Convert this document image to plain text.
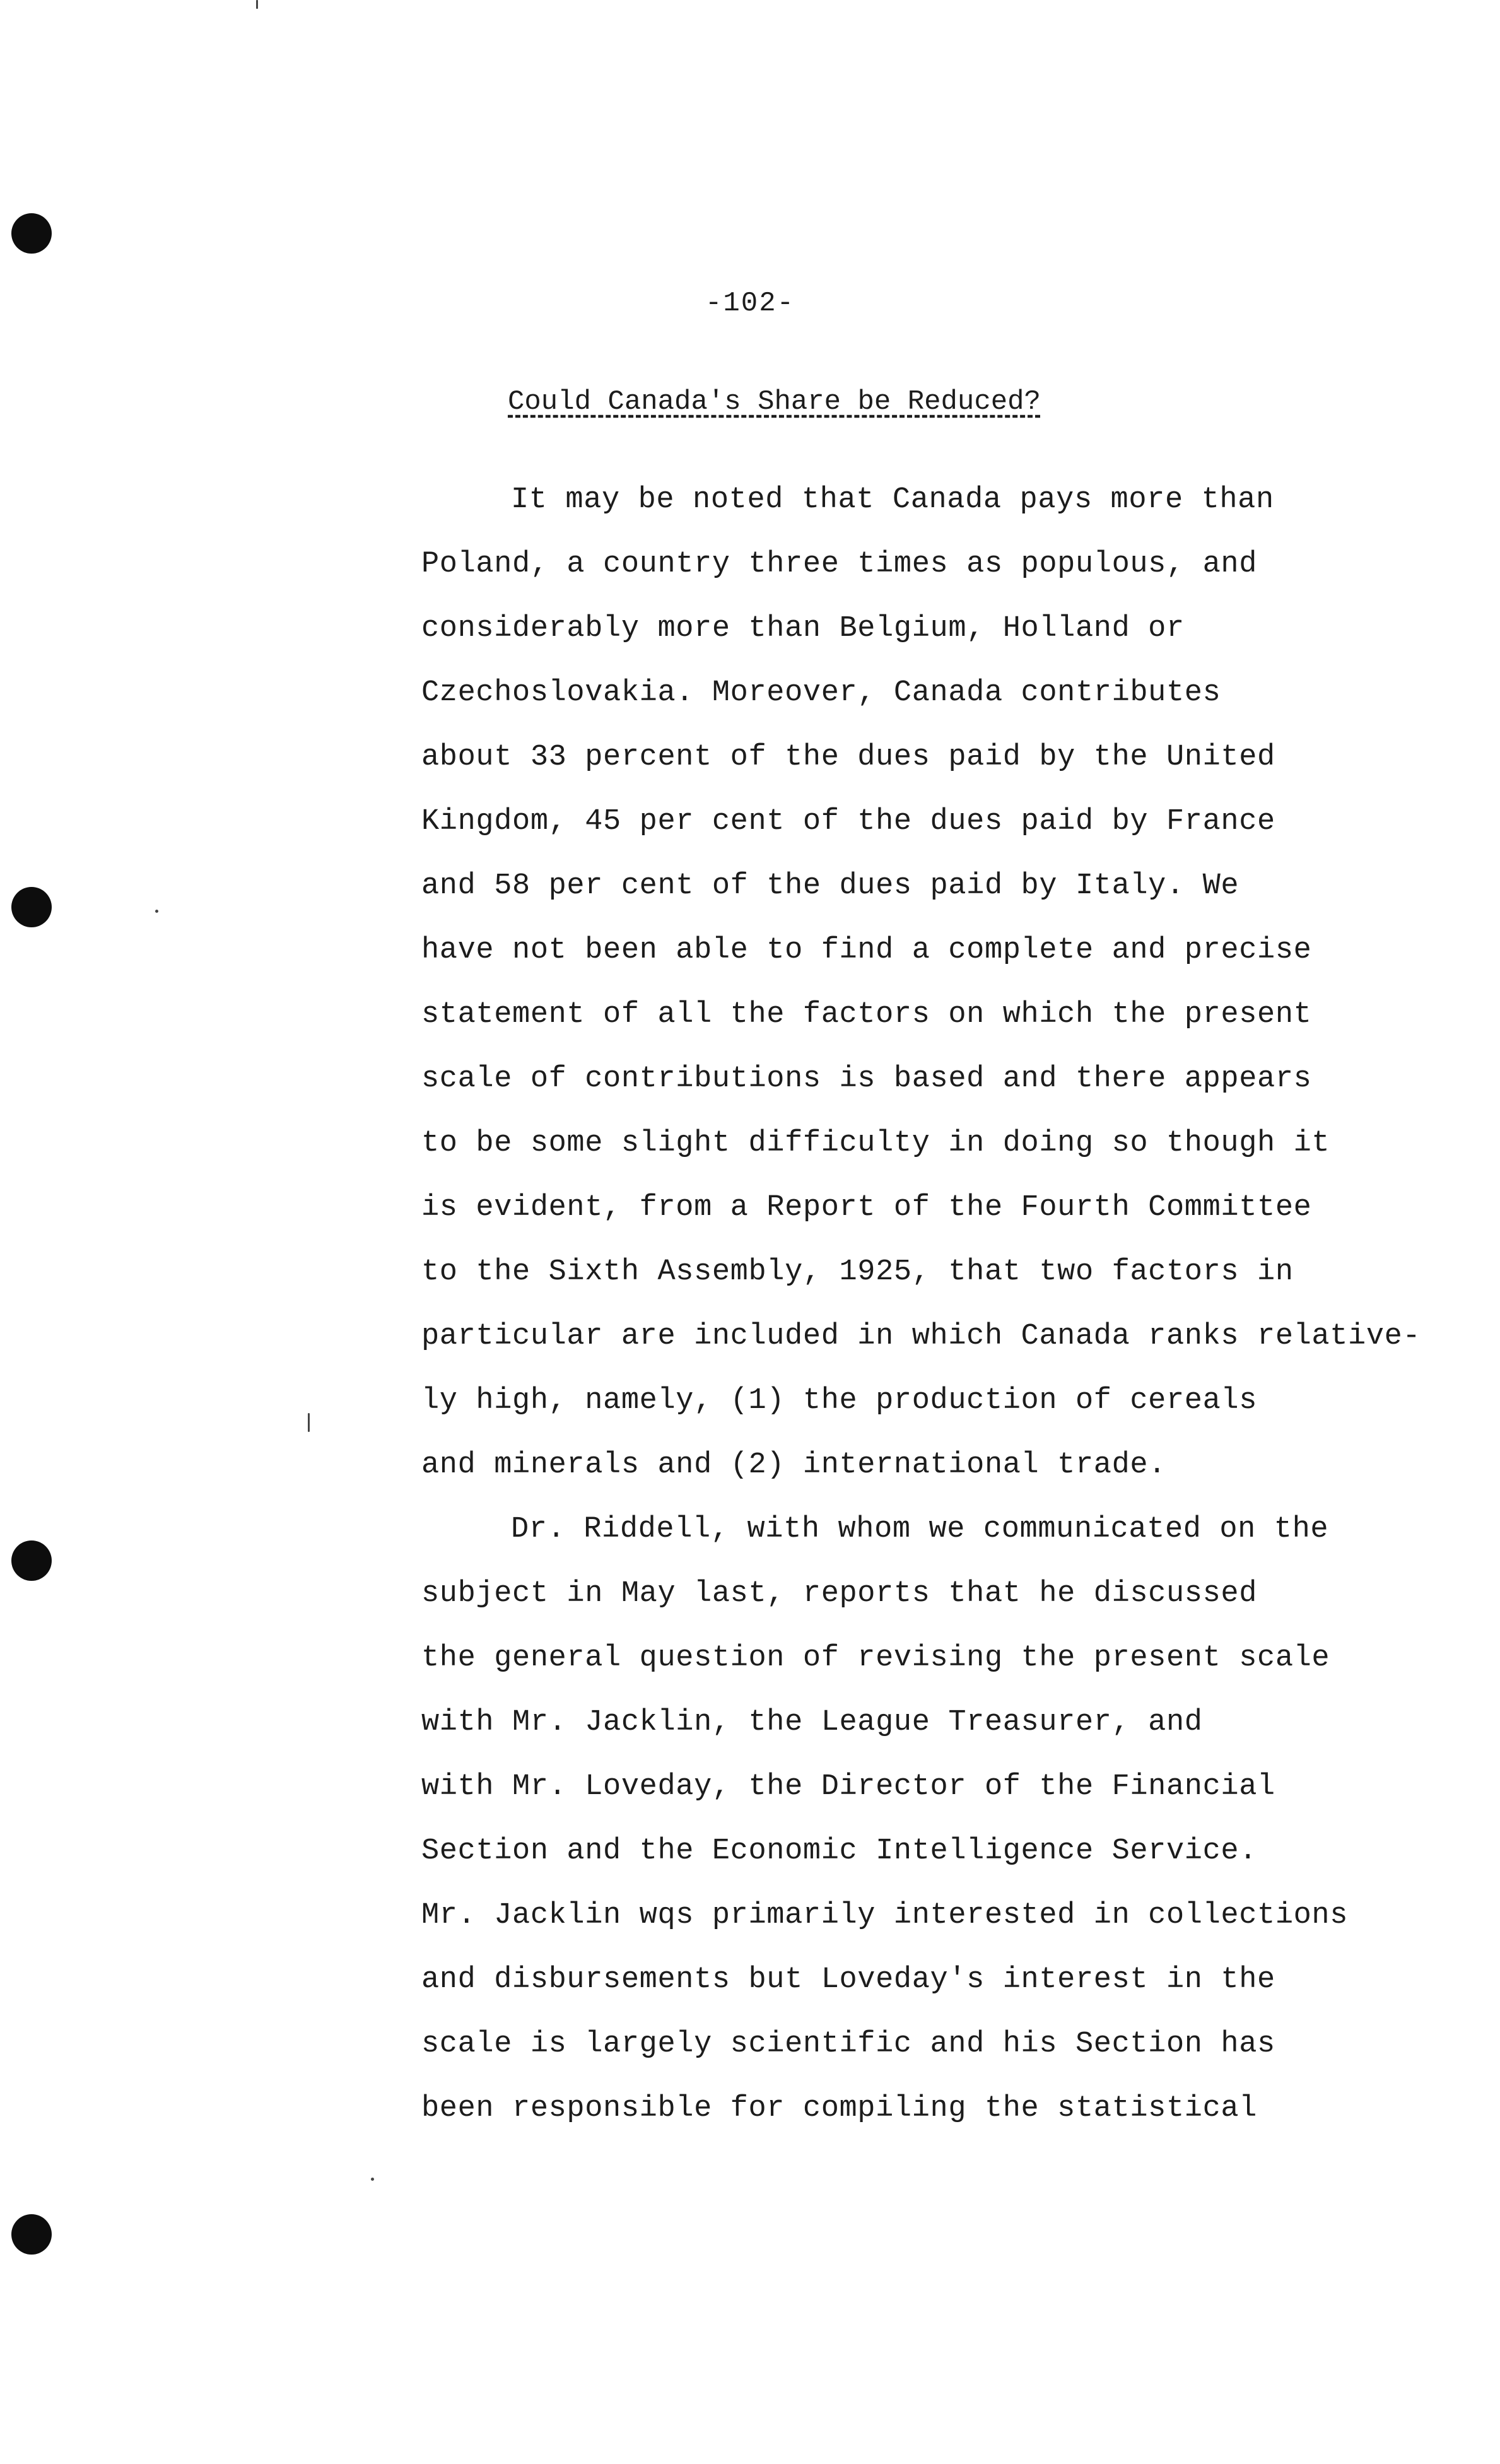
-102-
Could Canada's Share be Reduced?
It may be noted that Canada pays more than
Poland, a country three times as populous, and
considerably more than Belgium, Holland or
Czechoslovakia. Moreover, Canada contributes
about 33 percent of the dues paid by the United
Kingdom, 45 per cent of the dues paid by France
and 58 per cent of the dues paid by Italy. We
have not been able to find a complete and precise
statement of all the factors on which the present
scale of contributions is based and there appears
to be some slight difficulty in doing so though it
is evident, from a Report of the Fourth Committee
to the Sixth Assembly, 1925, that two factors in
particular are included in which Canada ranks relative-
ly high, namely, (1) the production of cereals
and minerals and (2) international trade.
Dr. Riddell, with whom we communicated on the
subject in May last, reports that he discussed
the general question of revising the present scale
with Mr. Jacklin, the League Treasurer, and
with Mr. Loveday, the Director of the Financial
Section and the Economic Intelligence Service.
Mr. Jacklin wqs primarily interested in collections
and disbursements but Loveday's interest in the
scale is largely scientific and his Section has
been responsible for compiling the statistical
